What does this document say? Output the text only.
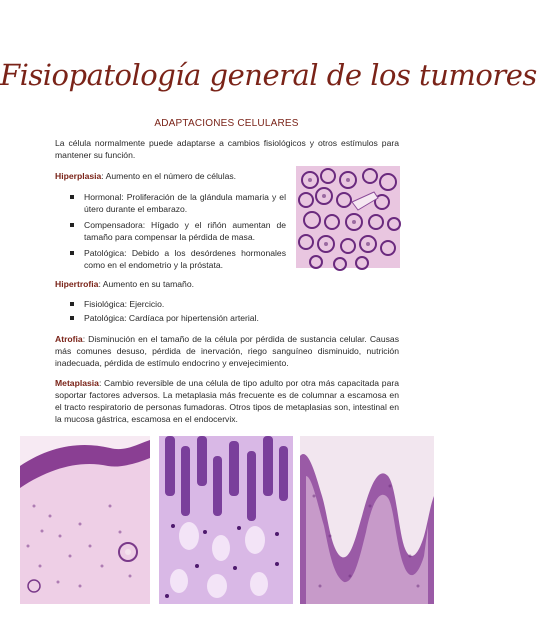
Fisiopatología general de los tumores
ADAPTACIONES CELULARES
La célula normalmente puede adaptarse a cambios fisiológicos y otros estímulos para mantener su función.
Hiperplasia: Aumento en el número de células.
Hormonal: Proliferación de la glándula mamaria y el útero durante el embarazo.
Compensadora: Hígado y el riñón aumentan de tamaño para compensar la pérdida de masa.
Patológica: Debido a los desórdenes hormonales como en el endometrio y la próstata.
Hipertrofia: Aumento en su tamaño.
Fisiológica: Ejercicio.
Patológica: Cardíaca por hipertensión arterial.
Atrofia: Disminución en el tamaño de la célula por pérdida de sustancia celular. Causas más comunes desuso, pérdida de inervación, riego sanguíneo disminuido, nutrición inadecuada, pérdida de estímulo endocrino y envejecimiento.
Metaplasia: Cambio reversible de una célula de tipo adulto por otra más capacitada para soportar factores adversos. La metaplasia más frecuente es de columnar a escamosa en el tracto respiratorio de personas fumadoras. Otros tipos de metaplasias son, intestinal en la mucosa gástrica, escamosa en el endocervix.
